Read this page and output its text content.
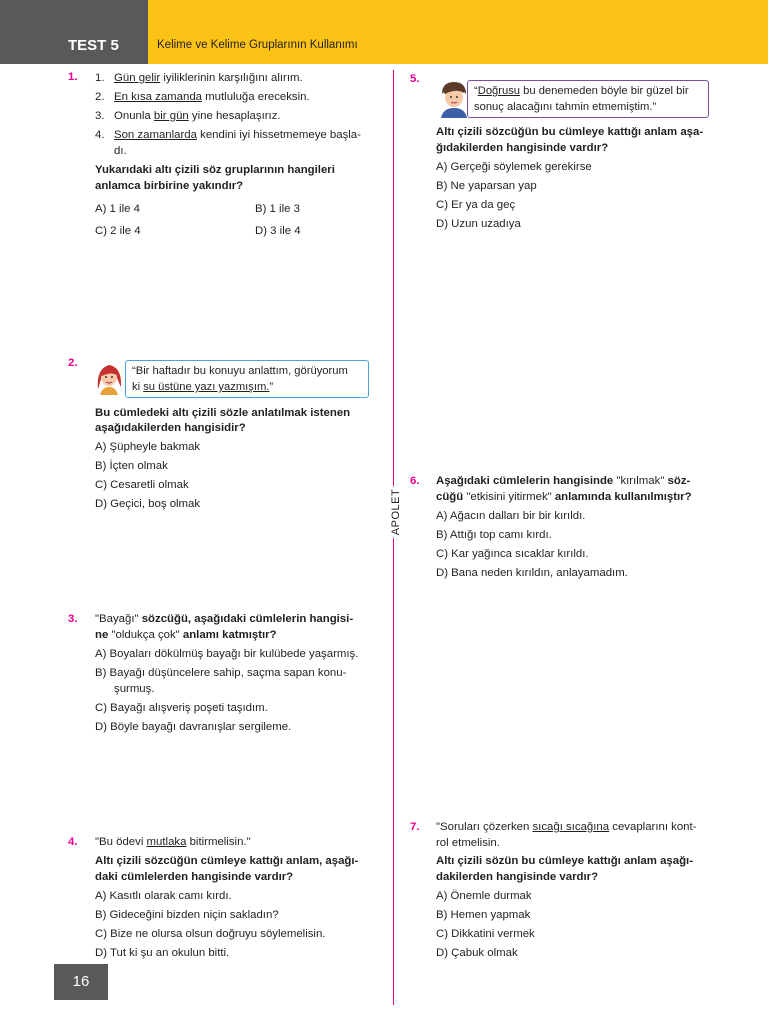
TEST 5	Kelime ve Kelime Gruplarının Kullanımı
APOLET
1. 1. Gün gelir iyiliklerinin karşılığını alırım.
2. En kısa zamanda mutluluğa ereceksin.
3. Onunla bir gün yine hesaplaşırız.
4. Son zamanlarda kendini iyi hissetmemeye başla-
dı.
Yukarıdaki altı çizili söz gruplarının hangileri
anlamca birbirine yakındır?
A) 1 ile 4	B) 1 ile 3
C) 2 ile 4	D) 3 ile 4
2.
“Bir haftadır bu konuyu anlattım, görüyorum
ki su üstüne yazı yazmışım.”
Bu cümledeki altı çizili sözle anlatılmak istenen
aşağıdakilerden hangisidir?
A) Şüpheyle bakmak
B) İçten olmak
C) Cesaretli olmak
D) Geçici, boş olmak
3. "Bayağı" sözcüğü, aşağıdaki cümlelerin hangisi-
ne "oldukça çok" anlamı katmıştır?
A) Boyaları dökülmüş bayağı bir kulübede yaşarmış.
B) Bayağı düşüncelere sahip, saçma sapan konu-
şurmuş.
C) Bayağı alışveriş poşeti taşıdım.
D) Böyle bayağı davranışlar sergileme.
4. "Bu ödevi mutlaka bitirmelisin."
Altı çizili sözcüğün cümleye kattığı anlam, aşağı-
daki cümlelerden hangisinde vardır?
A) Kasıtlı olarak camı kırdı.
B) Gideceğini bizden niçin sakladın?
C) Bize ne olursa olsun doğruyu söylemelisin.
D) Tut ki şu an okulun bitti.
5.
“Doğrusu bu denemeden böyle bir güzel bir
sonuç alacağını tahmin etmemiştim.”
Altı çizili sözcüğün bu cümleye kattığı anlam aşa-
ğıdakilerden hangisinde vardır?
A) Gerçeği söylemek gerekirse
B) Ne yaparsan yap
C) Er ya da geç
D) Uzun uzadıya
6. Aşağıdaki cümlelerin hangisinde "kırılmak" söz-
cüğü "etkisini yitirmek" anlamında kullanılmıştır?
A) Ağacın dalları bir bir kırıldı.
B) Attığı top camı kırdı.
C) Kar yağınca sıcaklar kırıldı.
D) Bana neden kırıldın, anlayamadım.
7. "Soruları çözerken sıcağı sıcağına cevaplarını kont-
rol etmelisin.
Altı çizili sözün bu cümleye kattığı anlam aşağı-
dakilerden hangisinde vardır?
A) Önemle durmak
B) Hemen yapmak
C) Dikkatini vermek
D) Çabuk olmak
16
